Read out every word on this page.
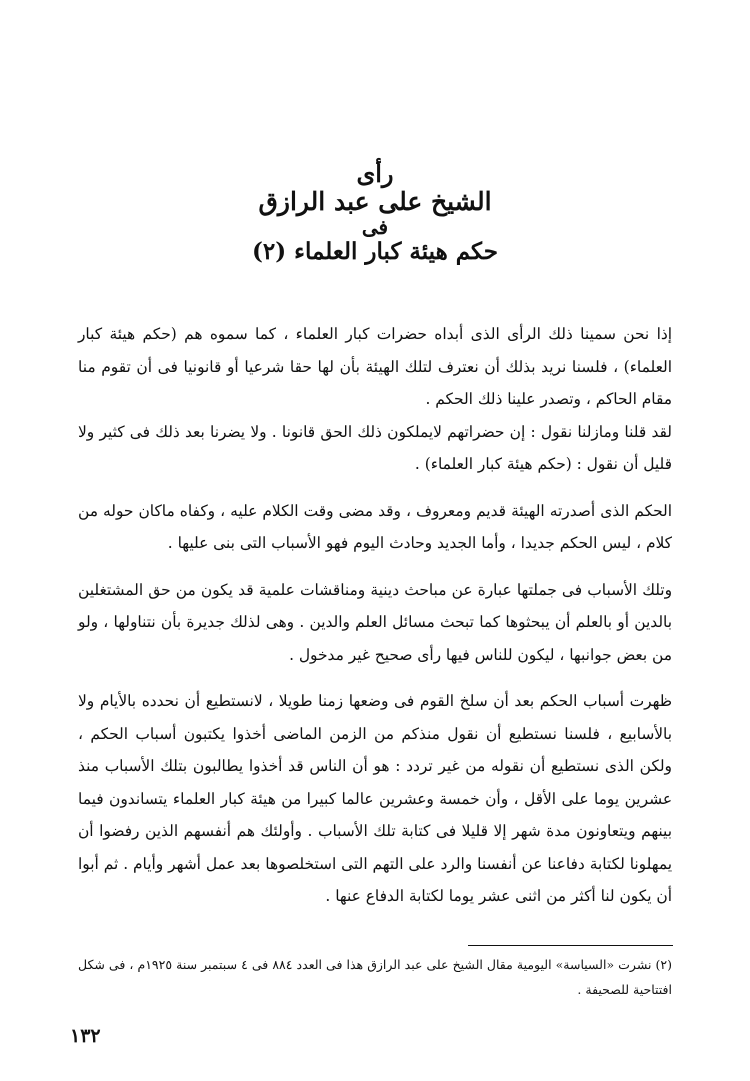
رأى
الشيخ على عبد الرازق
فى
حكم هيئة كبار العلماء (٢)

إذا نحن سمينا ذلك الرأى الذى أبداه حضرات كبار العلماء ، كما سموه هم (حكم هيئة كبار العلماء) ، فلسنا نريد بذلك أن نعترف لتلك الهيئة بأن لها حقا شرعيا أو قانونيا فى أن تقوم منا مقام الحاكم ، وتصدر علينا ذلك الحكم .

لقد قلنا ومازلنا نقول : إن حضراتهم لايملكون ذلك الحق قانونا . ولا يضرنا بعد ذلك فى كثير ولا قليل أن نقول : (حكم هيئة كبار العلماء) .

الحكم الذى أصدرته الهيئة قديم ومعروف ، وقد مضى وقت الكلام عليه ، وكفاه ماكان حوله من كلام ، ليس الحكم جديدا ، وأما الجديد وحادث اليوم فهو الأسباب التى بنى عليها .

وتلك الأسباب فى جملتها عبارة عن مباحث دينية ومناقشات علمية قد يكون من حق المشتغلين بالدين أو بالعلم أن يبحثوها كما تبحث مسائل العلم والدين . وهى لذلك جديرة بأن نتناولها ، ولو من بعض جوانبها ، ليكون للناس فيها رأى صحيح غير مدخول .

ظهرت أسباب الحكم بعد أن سلخ القوم فى وضعها زمنا طويلا ، لانستطيع أن نحدده بالأيام ولا بالأسابيع ، فلسنا نستطيع أن نقول منذكم من الزمن الماضى أخذوا يكتبون أسباب الحكم ، ولكن الذى نستطيع أن نقوله من غير تردد : هو أن الناس قد أخذوا يطالبون بتلك الأسباب منذ عشرين يوما على الأقل ، وأن خمسة وعشرين عالما كبيرا من هيئة كبار العلماء يتساندون فيما بينهم ويتعاونون مدة شهر إلا قليلا فى كتابة تلك الأسباب . وأولئك هم أنفسهم الذين رفضوا أن يمهلونا لكتابة دفاعنا عن أنفسنا والرد على التهم التى استخلصوها بعد عمل أشهر وأيام . ثم أبوا أن يكون لنا أكثر من اثنى عشر يوما لكتابة الدفاع عنها .

(٢) نشرت «السياسة» اليومية مقال الشيخ على عبد الرازق هذا فى العدد ٨٨٤ فى ٤ سبتمبر سنة ١٩٢٥م ، فى شكل افتتاحية للصحيفة .
١٣٢
